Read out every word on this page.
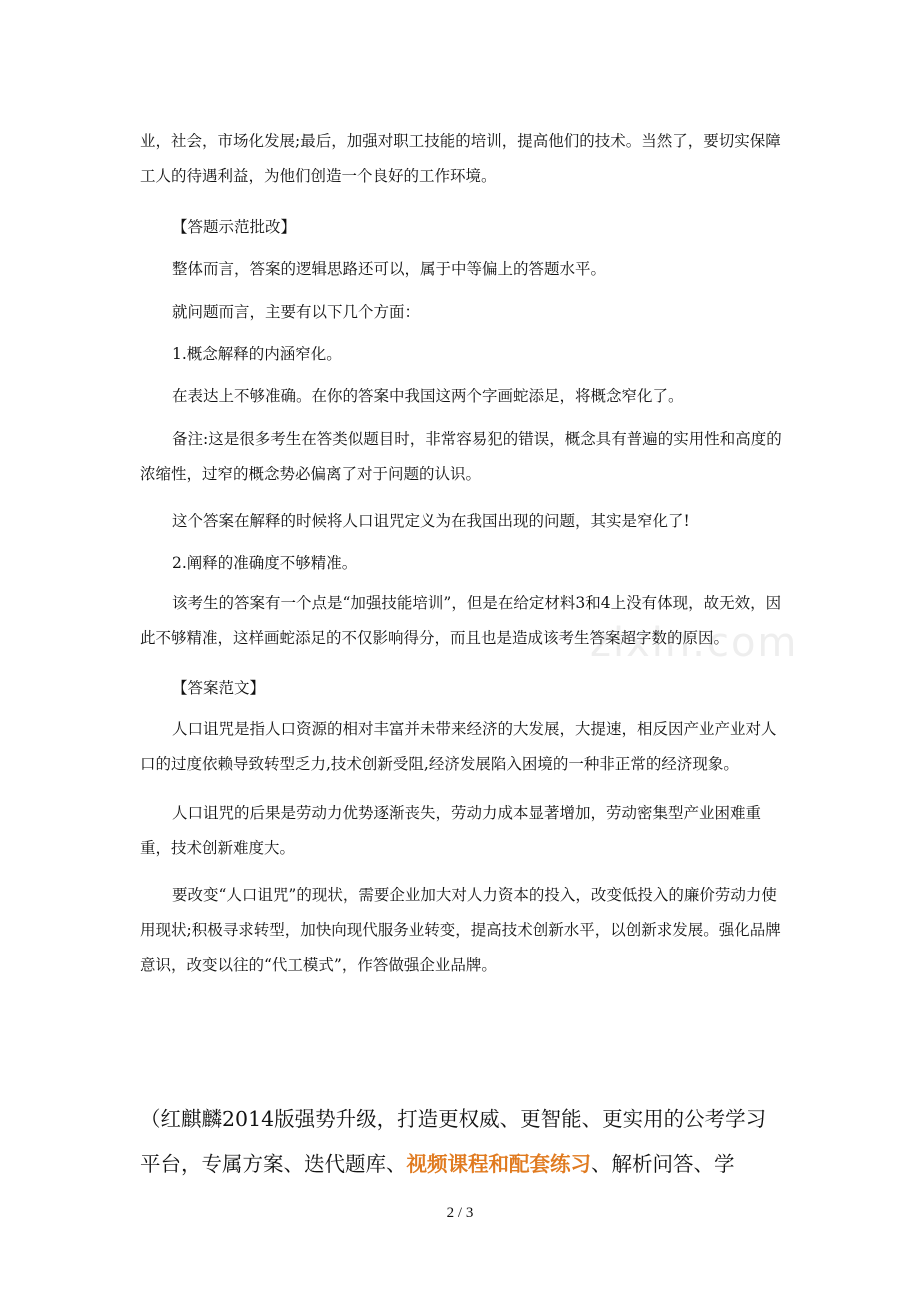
zixin.com

业，社会，市场化发展;最后，加强对职工技能的培训，提高他们的技术。当然了，要切实保障工人的待遇利益，为他们创造一个良好的工作环境。

【答题示范批改】

整体而言，答案的逻辑思路还可以，属于中等偏上的答题水平。

就问题而言，主要有以下几个方面：

1.概念解释的内涵窄化。

在表达上不够准确。在你的答案中我国这两个字画蛇添足，将概念窄化了。

备注:这是很多考生在答类似题目时，非常容易犯的错误，概念具有普遍的实用性和高度的浓缩性，过窄的概念势必偏离了对于问题的认识。

这个答案在解释的时候将人口诅咒定义为在我国出现的问题，其实是窄化了!

2.阐释的准确度不够精准。

该考生的答案有一个点是“加强技能培训”，但是在给定材料3和4上没有体现，故无效，因此不够精准，这样画蛇添足的不仅影响得分，而且也是造成该考生答案超字数的原因。

【答案范文】

人口诅咒是指人口资源的相对丰富并未带来经济的大发展，大提速，相反因产业产业对人口的过度依赖导致转型乏力,技术创新受阻,经济发展陷入困境的一种非正常的经济现象。

人口诅咒的后果是劳动力优势逐渐丧失，劳动力成本显著增加，劳动密集型产业困难重重，技术创新难度大。

要改变“人口诅咒”的现状，需要企业加大对人力资本的投入，改变低投入的廉价劳动力使用现状;积极寻求转型，加快向现代服务业转变，提高技术创新水平，以创新求发展。强化品牌意识，改变以往的“代工模式”，作答做强企业品牌。

（红麒麟2014版强势升级，打造更权威、更智能、更实用的公考学习平台，专属方案、迭代题库、视频课程和配套练习、解析问答、学

2 / 3
